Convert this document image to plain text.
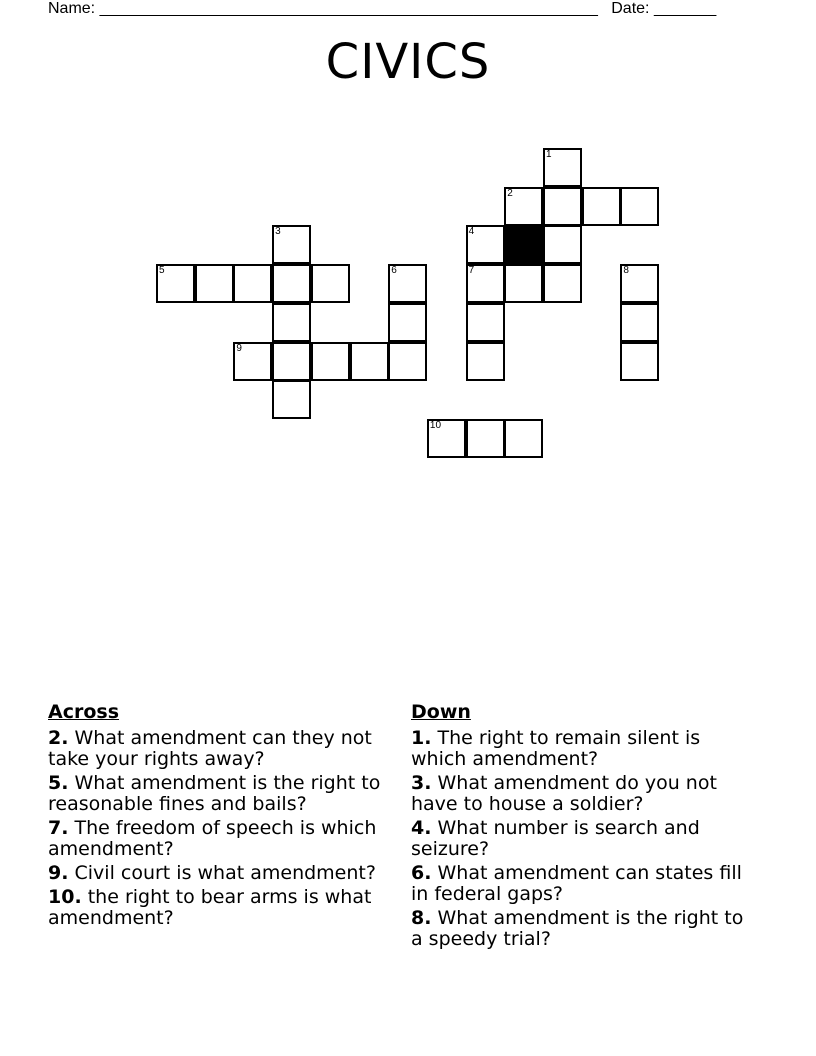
Name: ________________________________________________________ Date: _______
CIVICS
1
2
3	4
5	6	7	8
9
10
Across
2. What amendment can they not take your rights away?
5. What amendment is the right to reasonable fines and bails?
7. The freedom of speech is which amendment?
9. Civil court is what amendment?
10. the right to bear arms is what amendment?
Down
1. The right to remain silent is which amendment?
3. What amendment do you not have to house a soldier?
4. What number is search and seizure?
6. What amendment can states fill in federal gaps?
8. What amendment is the right to a speedy trial?
